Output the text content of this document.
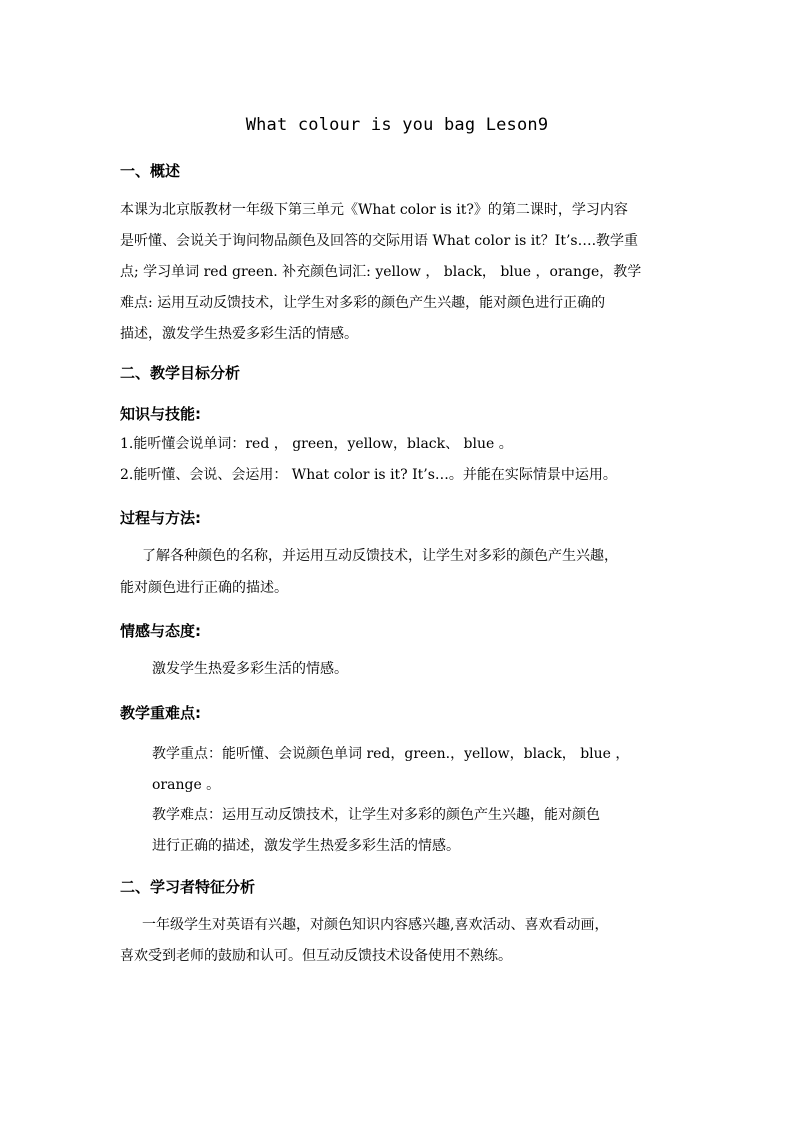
What colour is you bag Leson9
一、概述
本课为北京版教材一年级下第三单元《What color is it?》的第二课时，学习内容
是听懂、会说关于询问物品颜色及回答的交际用语 What color is it？It’s….教学重
点; 学习单词 red green. 补充颜色词汇: yellow ， black， blue ，orange，教学
难点: 运用互动反馈技术，让学生对多彩的颜色产生兴趣，能对颜色进行正确的
描述，激发学生热爱多彩生活的情感。
二、教学目标分析
知识与技能:
1.能听懂会说单词：red ， green，yellow，black、 blue 。
2.能听懂、会说、会运用： What color is it? It’s…。并能在实际情景中运用。
过程与方法:
了解各种颜色的名称，并运用互动反馈技术，让学生对多彩的颜色产生兴趣，
能对颜色进行正确的描述。
情感与态度:
激发学生热爱多彩生活的情感。
教学重难点:
教学重点：能听懂、会说颜色单词 red，green.，yellow，black， blue ，
orange 。
教学难点：运用互动反馈技术，让学生对多彩的颜色产生兴趣，能对颜色
进行正确的描述，激发学生热爱多彩生活的情感。
二、学习者特征分析
一年级学生对英语有兴趣，对颜色知识内容感兴趣,喜欢活动、喜欢看动画，
喜欢受到老师的鼓励和认可。但互动反馈技术设备使用不熟练。
